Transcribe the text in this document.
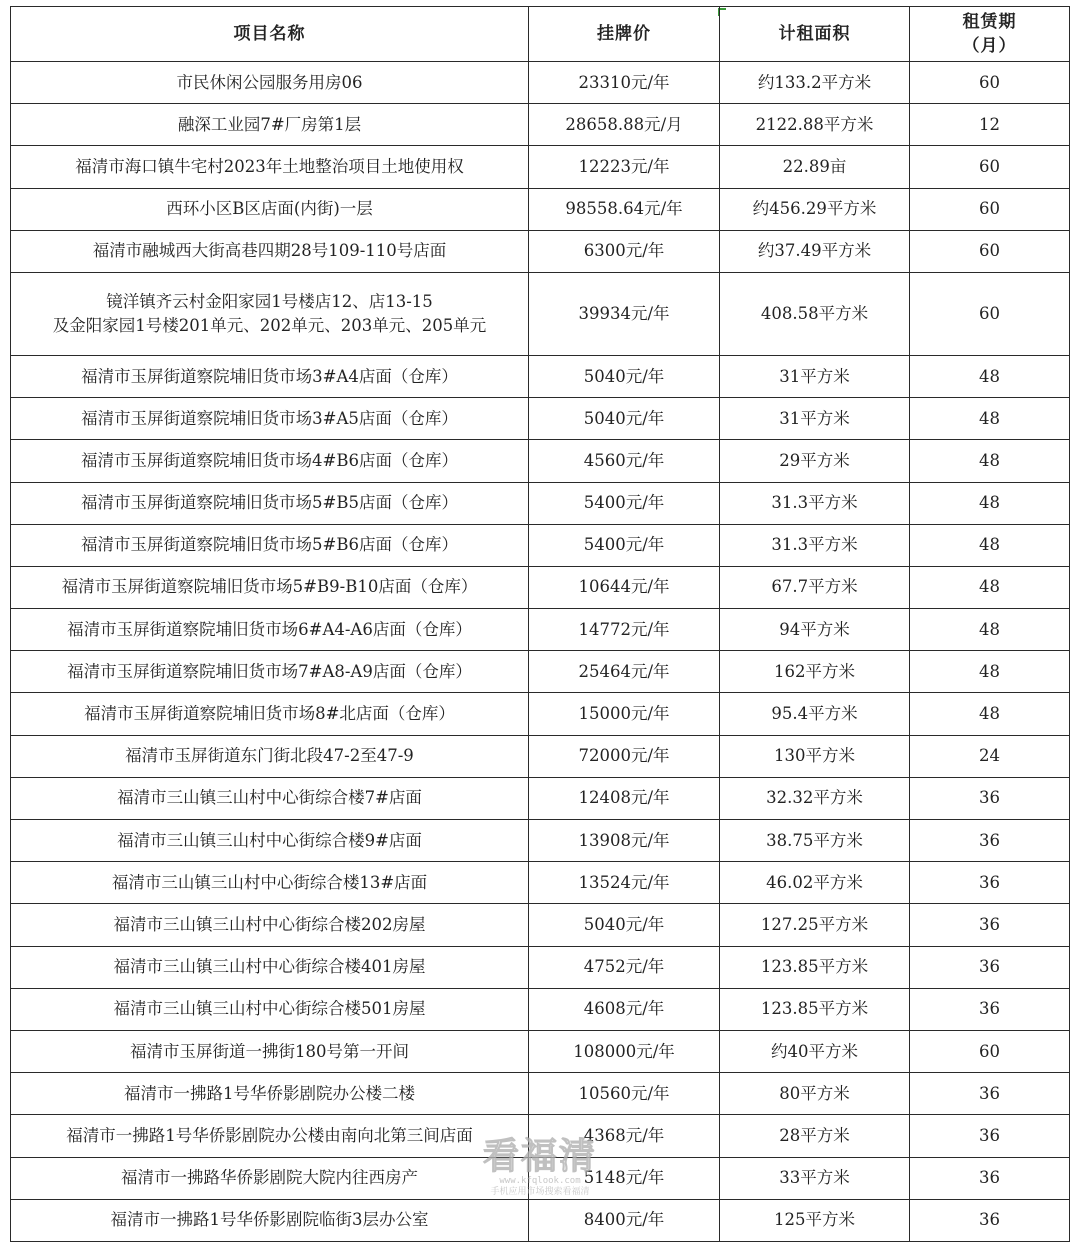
项目名称	挂牌价	计租面积	租赁期
（月）

市民休闲公园服务用房06	23310元/年	约133.2平方米	60

融深工业园7#厂房第1层	28658.88元/月	2122.88平方米	12

福清市海口镇牛宅村2023年土地整治项目土地使用权	12223元/年	22.89亩	60

西环小区B区店面(内街)一层	98558.64元/年	约456.29平方米	60

福清市融城西大街高巷四期28号109-110号店面	6300元/年	约37.49平方米	60

镜洋镇齐云村金阳家园1号楼店12、店13-15
及金阳家园1号楼201单元、202单元、203单元、205单元	39934元/年	408.58平方米	60

福清市玉屏街道察院埔旧货市场3#A4店面（仓库）	5040元/年	31平方米	48

福清市玉屏街道察院埔旧货市场3#A5店面（仓库）	5040元/年	31平方米	48

福清市玉屏街道察院埔旧货市场4#B6店面（仓库）	4560元/年	29平方米	48

福清市玉屏街道察院埔旧货市场5#B5店面（仓库）	5400元/年	31.3平方米	48

福清市玉屏街道察院埔旧货市场5#B6店面（仓库）	5400元/年	31.3平方米	48

福清市玉屏街道察院埔旧货市场5#B9-B10店面（仓库）	10644元/年	67.7平方米	48

福清市玉屏街道察院埔旧货市场6#A4-A6店面（仓库）	14772元/年	94平方米	48

福清市玉屏街道察院埔旧货市场7#A8-A9店面（仓库）	25464元/年	162平方米	48

福清市玉屏街道察院埔旧货市场8#北店面（仓库）	15000元/年	95.4平方米	48

福清市玉屏街道东门街北段47-2至47-9	72000元/年	130平方米	24

福清市三山镇三山村中心街综合楼7#店面	12408元/年	32.32平方米	36

福清市三山镇三山村中心街综合楼9#店面	13908元/年	38.75平方米	36

福清市三山镇三山村中心街综合楼13#店面	13524元/年	46.02平方米	36

福清市三山镇三山村中心街综合楼202房屋	5040元/年	127.25平方米	36

福清市三山镇三山村中心街综合楼401房屋	4752元/年	123.85平方米	36

福清市三山镇三山村中心街综合楼501房屋	4608元/年	123.85平方米	36

福清市玉屏街道一拂街180号第一开间	108000元/年	约40平方米	60

福清市一拂路1号华侨影剧院办公楼二楼	10560元/年	80平方米	36

福清市一拂路1号华侨影剧院办公楼由南向北第三间店面	4368元/年	28平方米	36

福清市一拂路华侨影剧院大院内往西房产	5148元/年	33平方米	36

福清市一拂路1号华侨影剧院临街3层办公室	8400元/年	125平方米	36
看福清
www.kfqlook.com
手机应用市场搜索看福清
